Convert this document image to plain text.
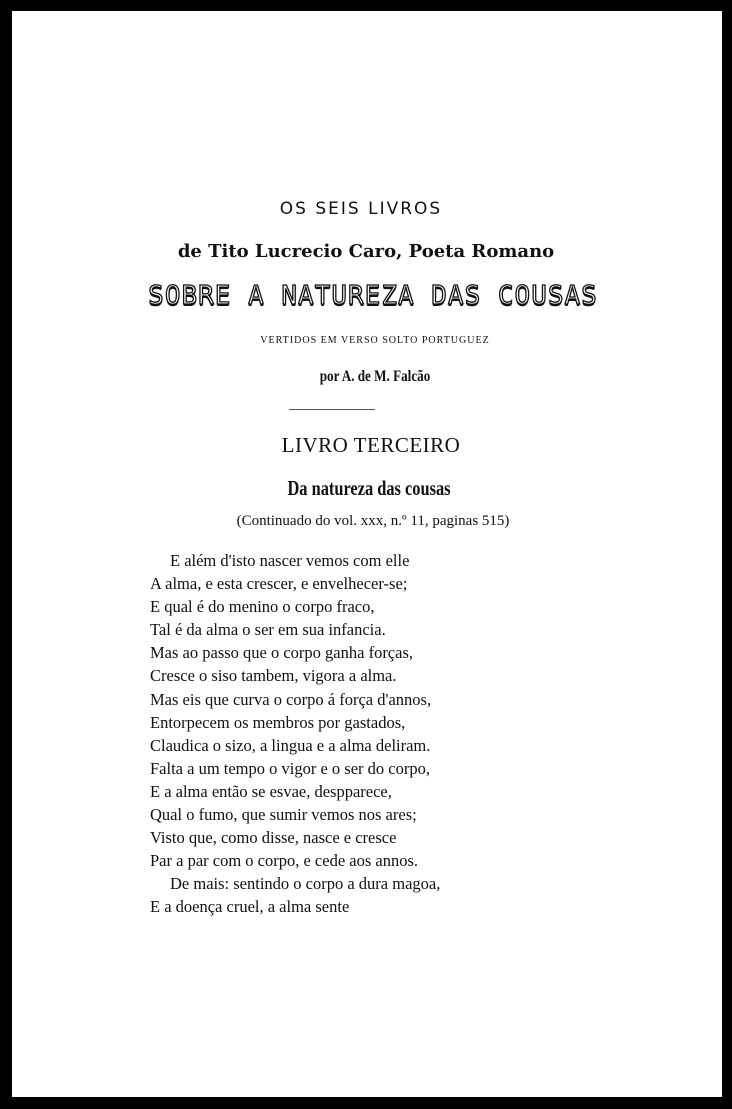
OS SEIS LIVROS
de Tito Lucrecio Caro, Poeta Romano
SOBRE A NATUREZA DAS COUSAS
VERTIDOS EM VERSO SOLTO PORTUGUEZ
por A. de M. Falcão
LIVRO TERCEIRO
Da natureza das cousas
(Continuado do vol. xxx, n.º 11, paginas 515)
E além d'isto nascer vemos com elle
A alma, e esta crescer, e envelhecer-se;
E qual é do menino o corpo fraco,
Tal é da alma o ser em sua infancia.
Mas ao passo que o corpo ganha forças,
Cresce o siso tambem, vigora a alma.
Mas eis que curva o corpo á força d'annos,
Entorpecem os membros por gastados,
Claudica o sizo, a lingua e a alma deliram.
Falta a um tempo o vigor e o ser do corpo,
E a alma então se esvae, despparece,
Qual o fumo, que sumir vemos nos ares;
Visto que, como disse, nasce e cresce
Par a par com o corpo, e cede aos annos.
De mais: sentindo o corpo a dura magoa,
E a doença cruel, a alma sente
